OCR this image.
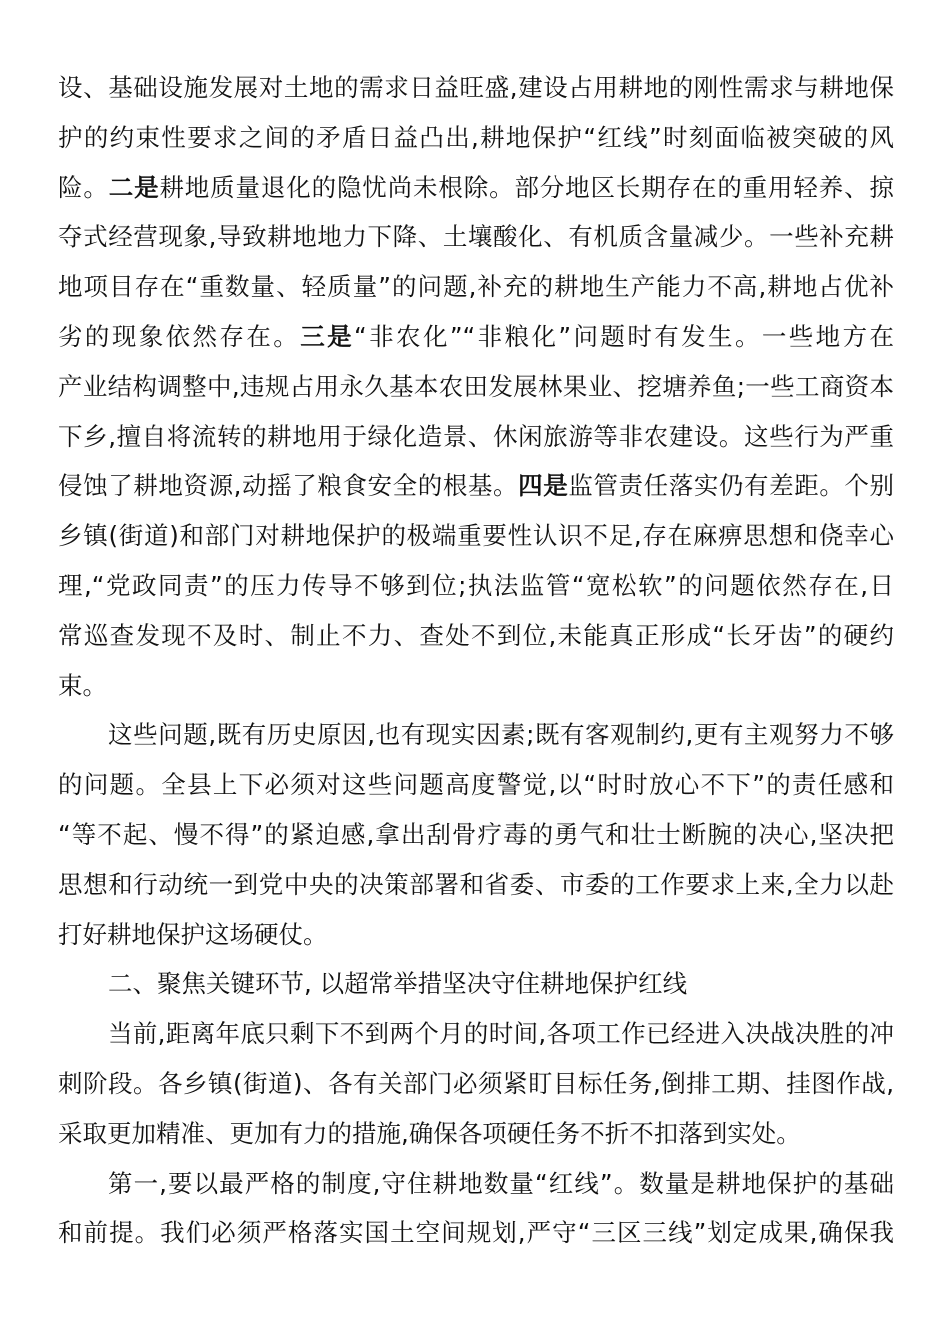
设、基础设施发展对土地的需求日益旺盛,建设占用耕地的刚性需求与耕地保
护的约束性要求之间的矛盾日益凸出,耕地保护“红线”时刻面临被突破的风
险。二是耕地质量退化的隐忧尚未根除。部分地区长期存在的重用轻养、掠
夺式经营现象,导致耕地地力下降、土壤酸化、有机质含量减少。一些补充耕
地项目存在“重数量、轻质量”的问题,补充的耕地生产能力不高,耕地占优补
劣的现象依然存在。三是“非农化”“非粮化”问题时有发生。一些地方在
产业结构调整中,违规占用永久基本农田发展林果业、挖塘养鱼;一些工商资本
下乡,擅自将流转的耕地用于绿化造景、休闲旅游等非农建设。这些行为严重
侵蚀了耕地资源,动摇了粮食安全的根基。四是监管责任落实仍有差距。个别
乡镇(街道)和部门对耕地保护的极端重要性认识不足,存在麻痹思想和侥幸心
理,“党政同责”的压力传导不够到位;执法监管“宽松软”的问题依然存在,日
常巡查发现不及时、制止不力、查处不到位,未能真正形成“长牙齿”的硬约
束。
这些问题,既有历史原因,也有现实因素;既有客观制约,更有主观努力不够
的问题。全县上下必须对这些问题高度警觉,以“时时放心不下”的责任感和
“等不起、慢不得”的紧迫感,拿出刮骨疗毒的勇气和壮士断腕的决心,坚决把
思想和行动统一到党中央的决策部署和省委、市委的工作要求上来,全力以赴
打好耕地保护这场硬仗。
二、聚焦关键环节, 以超常举措坚决守住耕地保护红线
当前,距离年底只剩下不到两个月的时间,各项工作已经进入决战决胜的冲
刺阶段。各乡镇(街道)、各有关部门必须紧盯目标任务,倒排工期、挂图作战,
采取更加精准、更加有力的措施,确保各项硬任务不折不扣落到实处。
第一,要以最严格的制度,守住耕地数量“红线”。数量是耕地保护的基础
和前提。我们必须严格落实国土空间规划,严守“三区三线”划定成果,确保我
